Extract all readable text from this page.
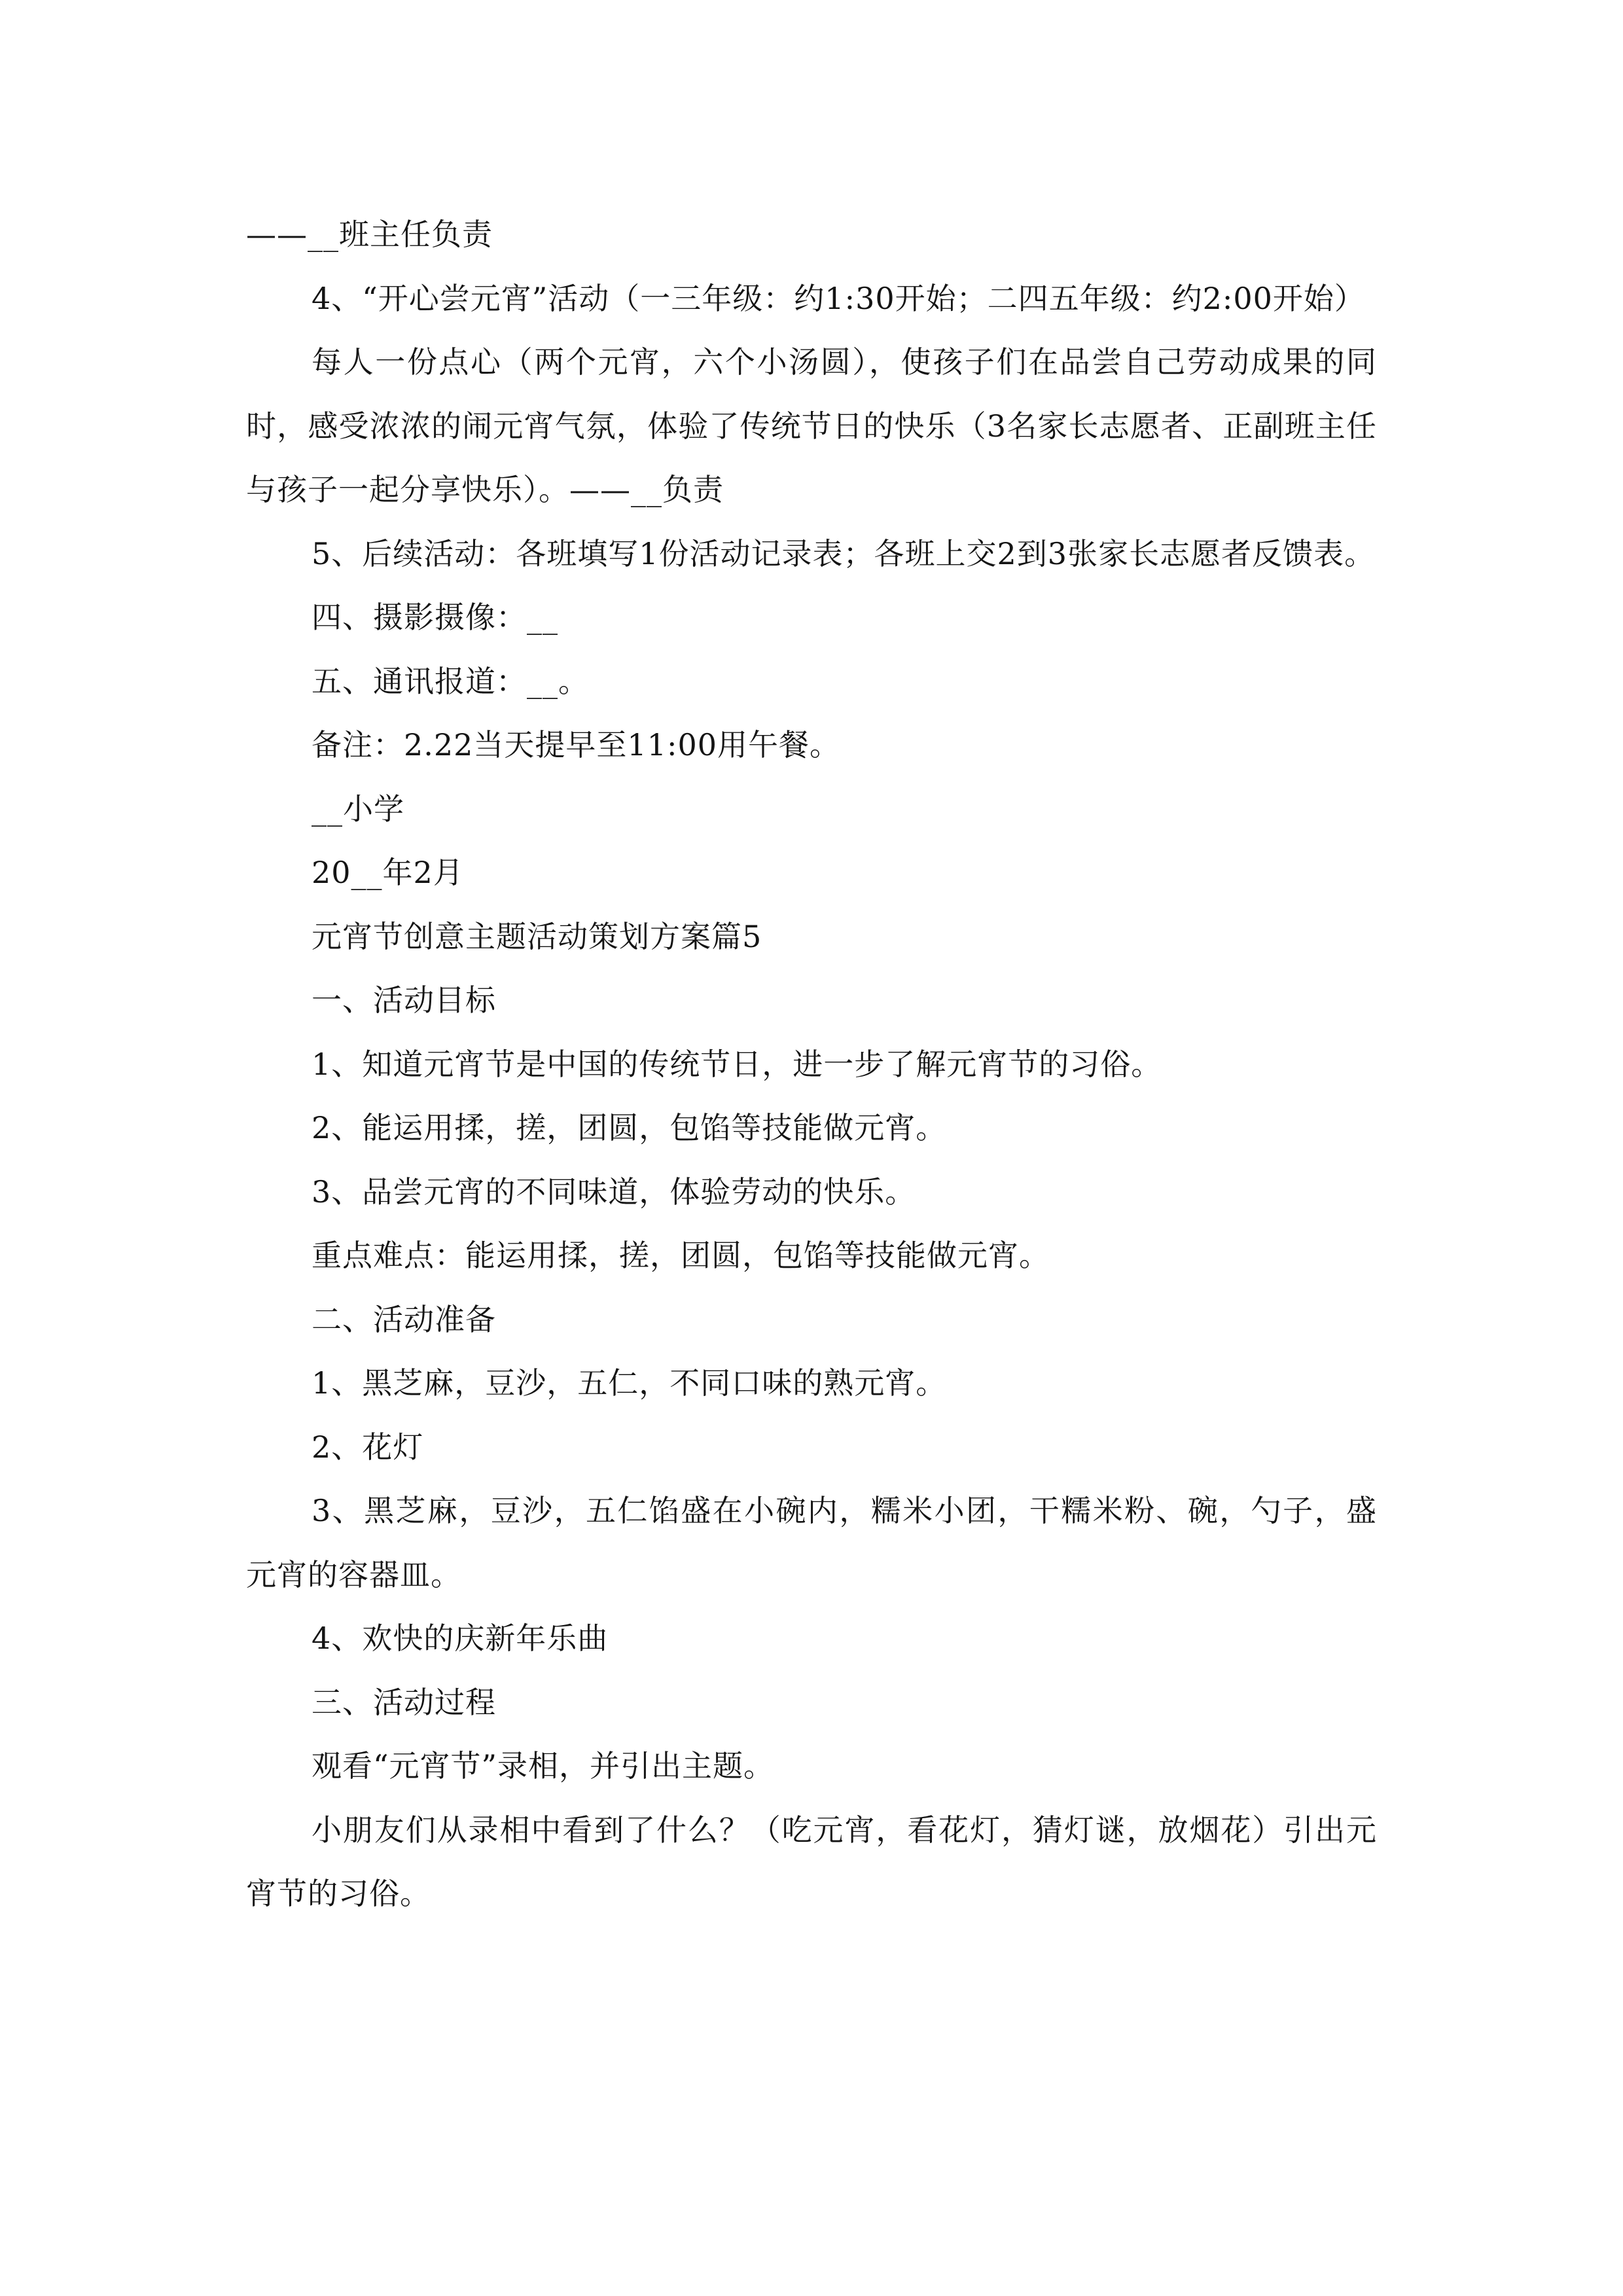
——__班主任负责

4、“开心尝元宵”活动（一三年级：约1:30开始；二四五年级：约2:00开始）

每人一份点心（两个元宵，六个小汤圆），使孩子们在品尝自己劳动成果的同时，感受浓浓的闹元宵气氛，体验了传统节日的快乐（3名家长志愿者、正副班主任与孩子一起分享快乐）。——__负责

5、后续活动：各班填写1份活动记录表；各班上交2到3张家长志愿者反馈表。

四、摄影摄像：__

五、通讯报道：__。

备注：2.22当天提早至11:00用午餐。

__小学

20__年2月

元宵节创意主题活动策划方案篇5

一、活动目标

1、知道元宵节是中国的传统节日，进一步了解元宵节的习俗。

2、能运用揉，搓，团圆，包馅等技能做元宵。

3、品尝元宵的不同味道，体验劳动的快乐。

重点难点：能运用揉，搓，团圆，包馅等技能做元宵。

二、活动准备

1、黑芝麻，豆沙，五仁，不同口味的熟元宵。

2、花灯

3、黑芝麻，豆沙，五仁馅盛在小碗内，糯米小团，干糯米粉、碗，勺子，盛元宵的容器皿。

4、欢快的庆新年乐曲

三、活动过程

观看“元宵节”录相，并引出主题。

小朋友们从录相中看到了什么？（吃元宵，看花灯，猜灯谜，放烟花）引出元宵节的习俗。
